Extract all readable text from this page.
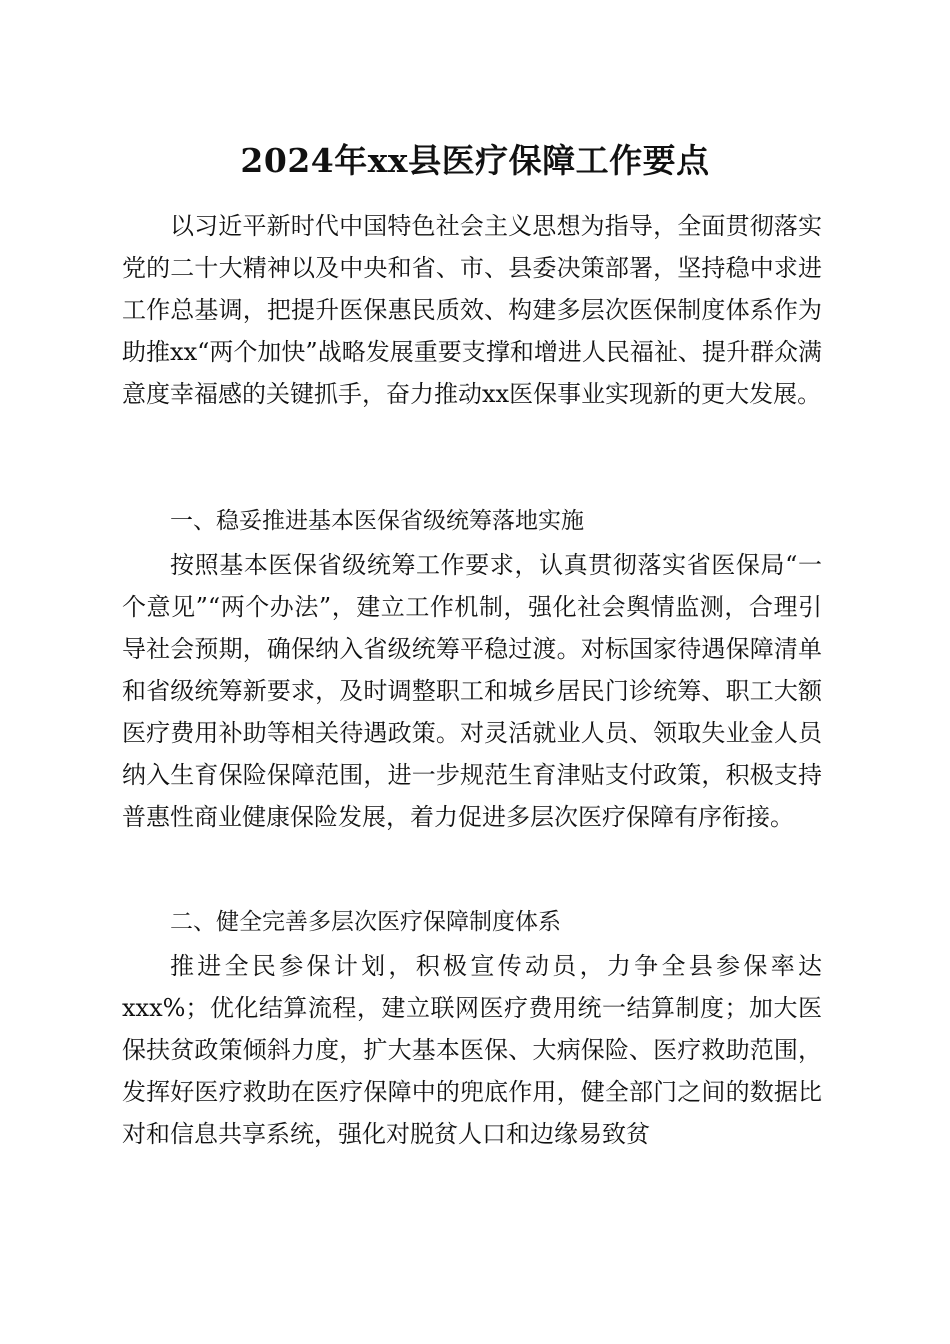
2024年xx县医疗保障工作要点

以习近平新时代中国特色社会主义思想为指导，全面贯彻落实党的二十大精神以及中央和省、市、县委决策部署，坚持稳中求进工作总基调，把提升医保惠民质效、构建多层次医保制度体系作为助推xx“两个加快”战略发展重要支撑和增进人民福祉、提升群众满意度幸福感的关键抓手，奋力推动xx医保事业实现新的更大发展。

一、稳妥推进基本医保省级统筹落地实施

按照基本医保省级统筹工作要求，认真贯彻落实省医保局“一个意见”“两个办法”，建立工作机制，强化社会舆情监测，合理引导社会预期，确保纳入省级统筹平稳过渡。对标国家待遇保障清单和省级统筹新要求，及时调整职工和城乡居民门诊统筹、职工大额医疗费用补助等相关待遇政策。对灵活就业人员、领取失业金人员纳入生育保险保障范围，进一步规范生育津贴支付政策，积极支持普惠性商业健康保险发展，着力促进多层次医疗保障有序衔接。

二、健全完善多层次医疗保障制度体系

推进全民参保计划，积极宣传动员，力争全县参保率达xxx%；优化结算流程，建立联网医疗费用统一结算制度；加大医保扶贫政策倾斜力度，扩大基本医保、大病保险、医疗救助范围，发挥好医疗救助在医疗保障中的兜底作用，健全部门之间的数据比对和信息共享系统，强化对脱贫人口和边缘易致贫
